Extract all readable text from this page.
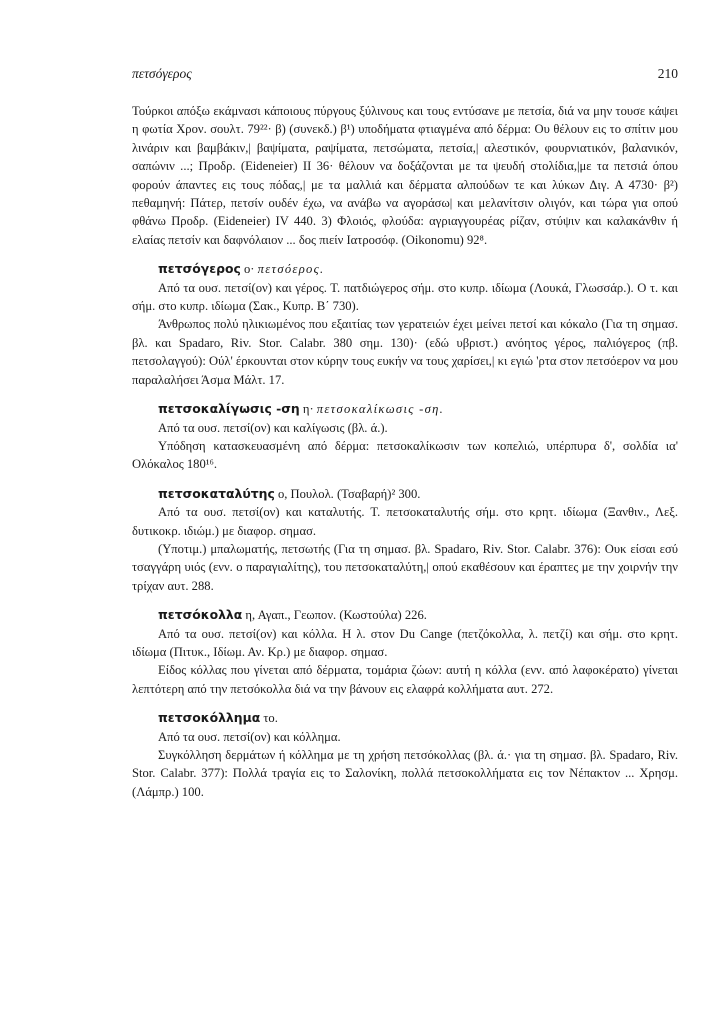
πετσόγερος	210

Τούρκοι απόξω εκάμνασι κάποιους πύργους ξύλινους και τους εντύσανε με πετσία, διά να μην τουσε κάψει η φωτία Χρον. σουλτ. 79²²· β) (συνεκδ.) β¹) υποδήματα φτιαγμένα από δέρμα: Ου θέλουν εις το σπίτιν μου λινάριν και βαμβάκιν,| βαψίματα, ραψίματα, πετσώματα, πετσία,| αλεστικόν, φουρνιατικόν, βαλανικόν, σαπώνιν ...; Προδρ. (Eideneier) ΙΙ 36· θέλουν να δοξάζονται με τα ψευδή στολίδια,|με τα πετσιά όπου φορούν άπαντες εις τους πόδας,| με τα μαλλιά και δέρματα αλπούδων τε και λύκων Διγ. Α 4730· β²) πεθαμηνή: Πάτερ, πετσίν ουδέν έχω, να ανάβω να αγοράσω| και μελανίτσιν ολιγόν, και τώρα για οπού φθάνω Προδρ. (Eideneier) IV 440. 3) Φλοιός, φλούδα: αγριαγγουρέας ρίζαν, στύψιν και καλακάνθιν ή ελαίας πετσίν και δαφνόλαιον ... δος πιείν Ιατροσόφ. (Oikonomu) 92⁸.

πετσόγερος ο· πετσόερος.

Από τα ουσ. πετσί(ον) και γέρος. Τ. πατδιώγερος σήμ. στο κυπρ. ιδίωμα (Λουκά, Γλωσσάρ.). Ο τ. και σήμ. στο κυπρ. ιδίωμα (Σακ., Κυπρ. Β΄ 730).

Άνθρωπος πολύ ηλικιωμένος που εξαιτίας των γερατειών έχει μείνει πετσί και κόκαλο (Για τη σημασ. βλ. και Spadaro, Riv. Stor. Calabr. 380 σημ. 130)· (εδώ υβριστ.) ανόητος γέρος, παλιόγερος (πβ. πετσολαγγού): Ούλ' έρκουνται στον κύρην τους ευκήν να τους χαρίσει,| κι εγιώ 'ρτα στον πετσόερον να μου παραλαλήσει Άσμα Μάλτ. 17.

πετσοκαλίγωσις -ση η· πετσοκαλίκωσις -ση.

Από τα ουσ. πετσί(ον) και καλίγωσις (βλ. ά.).

Υπόδηση κατασκευασμένη από δέρμα: πετσοκαλίκωσιν των κοπελιώ, υπέρπυρα δ', σολδία ια' Ολόκαλος 180¹⁶.

πετσοκαταλύτης ο, Πουλολ. (Τσαβαρή)² 300.

Από τα ουσ. πετσί(ον) και καταλυτής. Τ. πετσοκαταλυτής σήμ. στο κρητ. ιδίωμα (Ξανθιν., Λεξ. δυτικοκρ. ιδιώμ.) με διαφορ. σημασ.

(Υποτιμ.) μπαλωματής, πετσωτής (Για τη σημασ. βλ. Spadaro, Riv. Stor. Calabr. 376): Ουκ είσαι εσύ τσαγγάρη υιός (ενν. ο παραγιαλίτης), του πετσοκαταλύτη,| οπού εκαθέσουν και έραπτες με την χοιρνήν την τρίχαν αυτ. 288.

πετσόκολλα η, Αγαπ., Γεωπον. (Κωστούλα) 226.

Από τα ουσ. πετσί(ον) και κόλλα. Η λ. στον Du Cange (πετζόκολλα, λ. πετζί) και σήμ. στο κρητ. ιδίωμα (Πιτυκ., Ιδίωμ. Αν. Κρ.) με διαφορ. σημασ.

Είδος κόλλας που γίνεται από δέρματα, τομάρια ζώων: αυτή η κόλλα (ενν. από λαφοκέρατο) γίνεται λεπτότερη από την πετσόκολλα διά να την βάνουν εις ελαφρά κολλήματα αυτ. 272.

πετσοκόλλημα το.

Από τα ουσ. πετσί(ον) και κόλλημα.

Συγκόλληση δερμάτων ή κόλλημα με τη χρήση πετσόκολλας (βλ. ά.· για τη σημασ. βλ. Spadaro, Riv. Stor. Calabr. 377): Πολλά τραγία εις το Σαλονίκη, πολλά πετσοκολλήματα εις τον Νέπακτον ... Χρησμ. (Λάμπρ.) 100.
